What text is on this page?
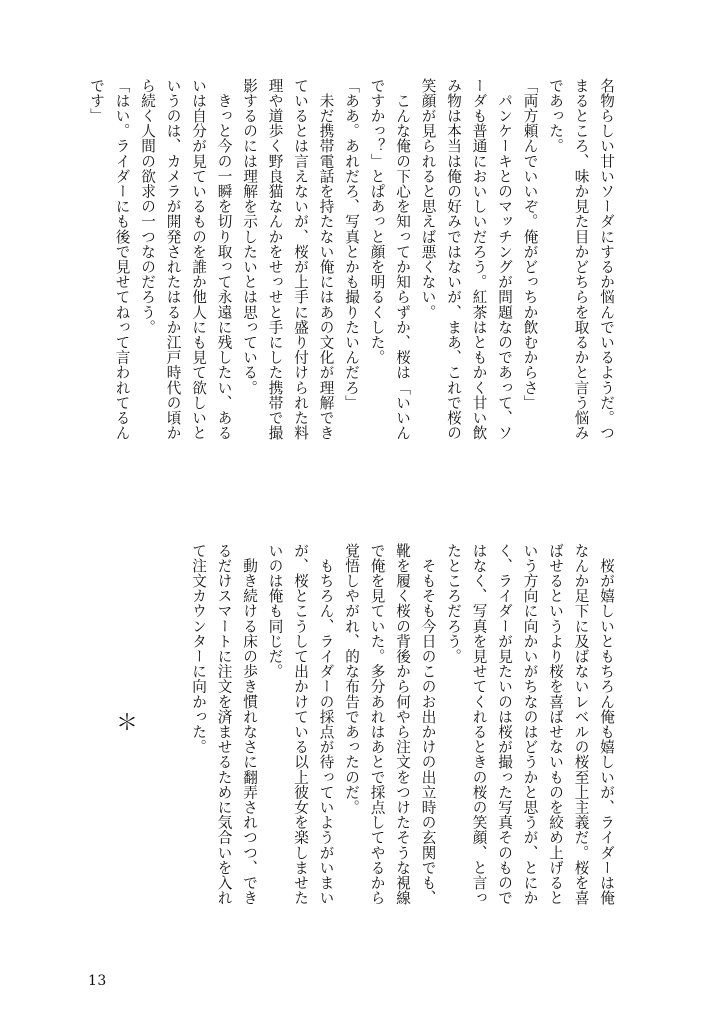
名物らしい甘いソーダにするか悩んでいるようだ。つ
まるところ、味か見た目かどちらを取るかと言う悩み
であった。
「両方頼んでいいぞ。俺がどっちか飲むからさ」
　パンケーキとのマッチングが問題なのであって、ソ
ーダも普通においしいだろう。紅茶はともかく甘い飲
み物は本当は俺の好みではないが、まあ、これで桜の
笑顔が見られると思えば悪くない。
　こんな俺の下心を知ってか知らずか、桜は「いいん
ですかっ？」とぱあっと顔を明るくした。
「ああ。あれだろ、写真とかも撮りたいんだろ」
　未だ携帯電話を持たない俺にはあの文化が理解でき
ているとは言えないが、桜が上手に盛り付けられた料
理や道歩く野良猫なんかをせっせと手にした携帯で撮
影するのには理解を示したいとは思っている。
　きっと今の一瞬を切り取って永遠に残したい、ある
いは自分が見ているものを誰か他人にも見て欲しいと
いうのは、カメラが開発されたはるか江戸時代の頃か
ら続く人間の欲求の一つなのだろう。
「はい。ライダーにも後で見せてねって言われてるん
です」
　桜が嬉しいともちろん俺も嬉しいが、ライダーは俺
なんか足下に及ばないレベルの桜至上主義だ。桜を喜
ばせるというより桜を喜ばせないものを絞め上げると
いう方向に向かいがちなのはどうかと思うが、とにか
く、ライダーが見たいのは桜が撮った写真そのもので
はなく、写真を見せてくれるときの桜の笑顔、と言っ
たところだろう。
　そもそも今日のこのお出かけの出立時の玄関でも、
靴を履く桜の背後から何やら注文をつけたそうな視線
で俺を見ていた。多分あれはあとで採点してやるから
覚悟しやがれ、的な布告であったのだ。
　もちろん、ライダーの採点が待っていようがいまい
が、桜とこうして出かけている以上彼女を楽しませた
いのは俺も同じだ。
　動き続ける床の歩き慣れなさに翻弄されつつ、でき
るだけスマートに注文を済ませるために気合いを入れ
て注文カウンターに向かった。
＊
13
